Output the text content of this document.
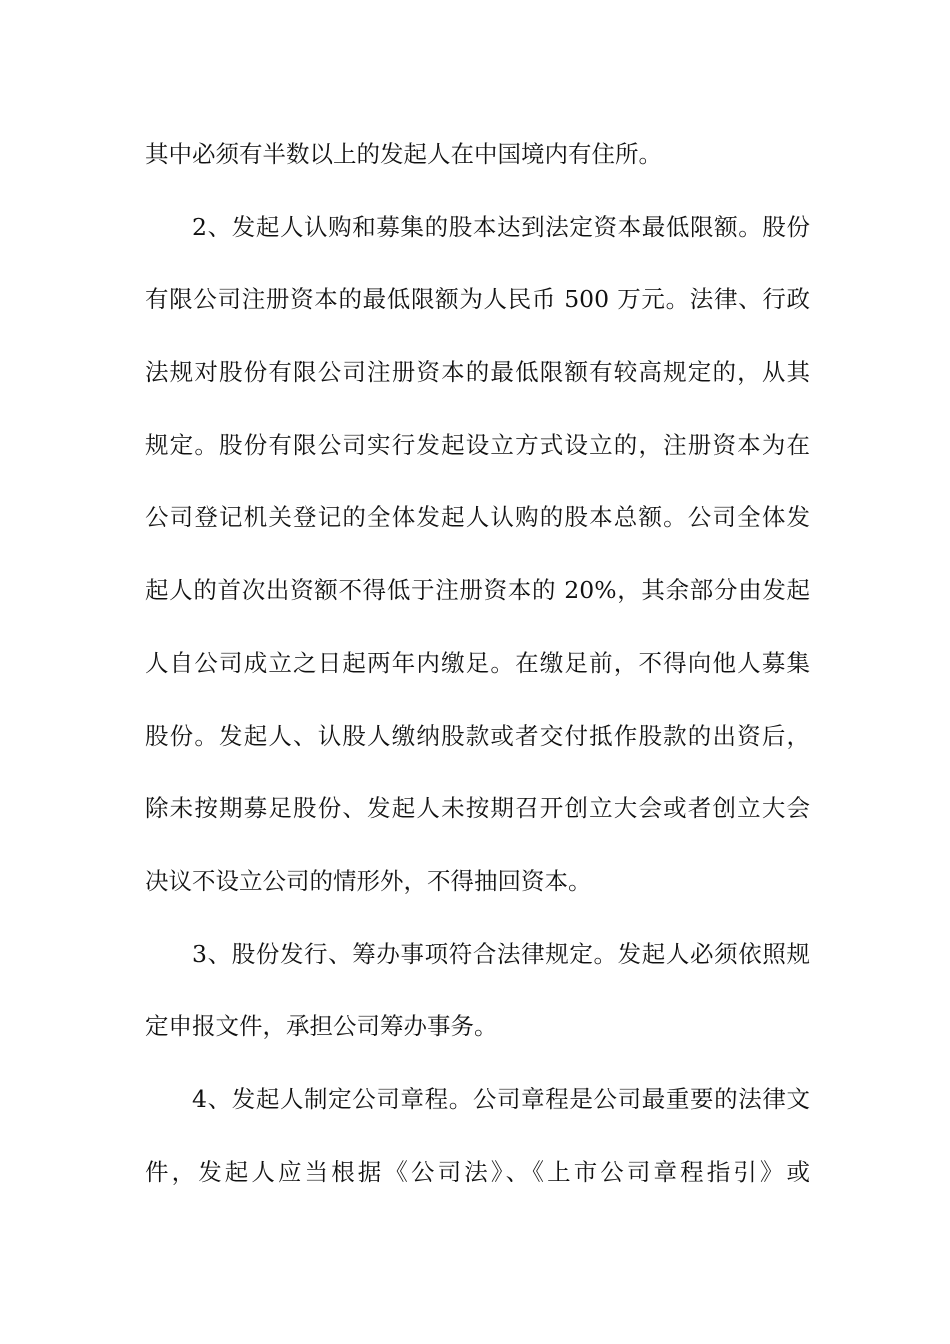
其中必须有半数以上的发起人在中国境内有住所。
2、发起人认购和募集的股本达到法定资本最低限额。股份
有限公司注册资本的最低限额为人民币 500 万元。法律、行政
法规对股份有限公司注册资本的最低限额有较高规定的，从其
规定。股份有限公司实行发起设立方式设立的，注册资本为在
公司登记机关登记的全体发起人认购的股本总额。公司全体发
起人的首次出资额不得低于注册资本的 20%，其余部分由发起
人自公司成立之日起两年内缴足。在缴足前，不得向他人募集
股份。发起人、认股人缴纳股款或者交付抵作股款的出资后，
除未按期募足股份、发起人未按期召开创立大会或者创立大会
决议不设立公司的情形外，不得抽回资本。
3、股份发行、筹办事项符合法律规定。发起人必须依照规
定申报文件，承担公司筹办事务。
4、发起人制定公司章程。公司章程是公司最重要的法律文
件，发起人应当根据《公司法》、《上市公司章程指引》或
